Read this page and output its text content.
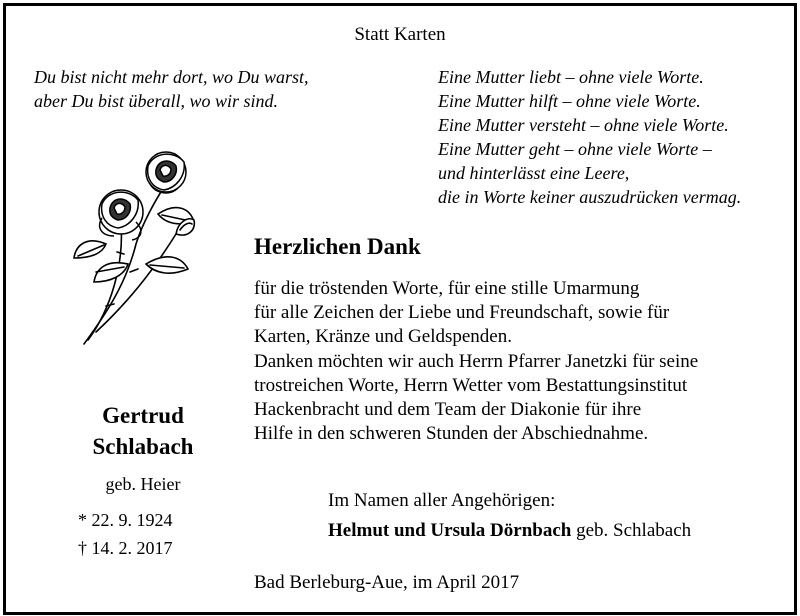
Statt Karten
Du bist nicht mehr dort, wo Du warst,
aber Du bist überall, wo wir sind.
Eine Mutter liebt – ohne viele Worte.
Eine Mutter hilft – ohne viele Worte.
Eine Mutter versteht – ohne viele Worte.
Eine Mutter geht – ohne viele Worte –
und hinterlässt eine Leere,
die in Worte keiner auszudrücken vermag.
Gertrud
Schlabach
geb. Heier
* 22. 9. 1924
† 14. 2. 2017
Herzlichen Dank
für die tröstenden Worte, für eine stille Umarmung
für alle Zeichen der Liebe und Freundschaft, sowie für
Karten, Kränze und Geldspenden.
Danken möchten wir auch Herrn Pfarrer Janetzki für seine
trostreichen Worte, Herrn Wetter vom Bestattungsinstitut
Hackenbracht und dem Team der Diakonie für ihre
Hilfe in den schweren Stunden der Abschiednahme.
Im Namen aller Angehörigen:
Helmut und Ursula Dörnbach geb. Schlabach
Bad Berleburg-Aue, im April 2017
